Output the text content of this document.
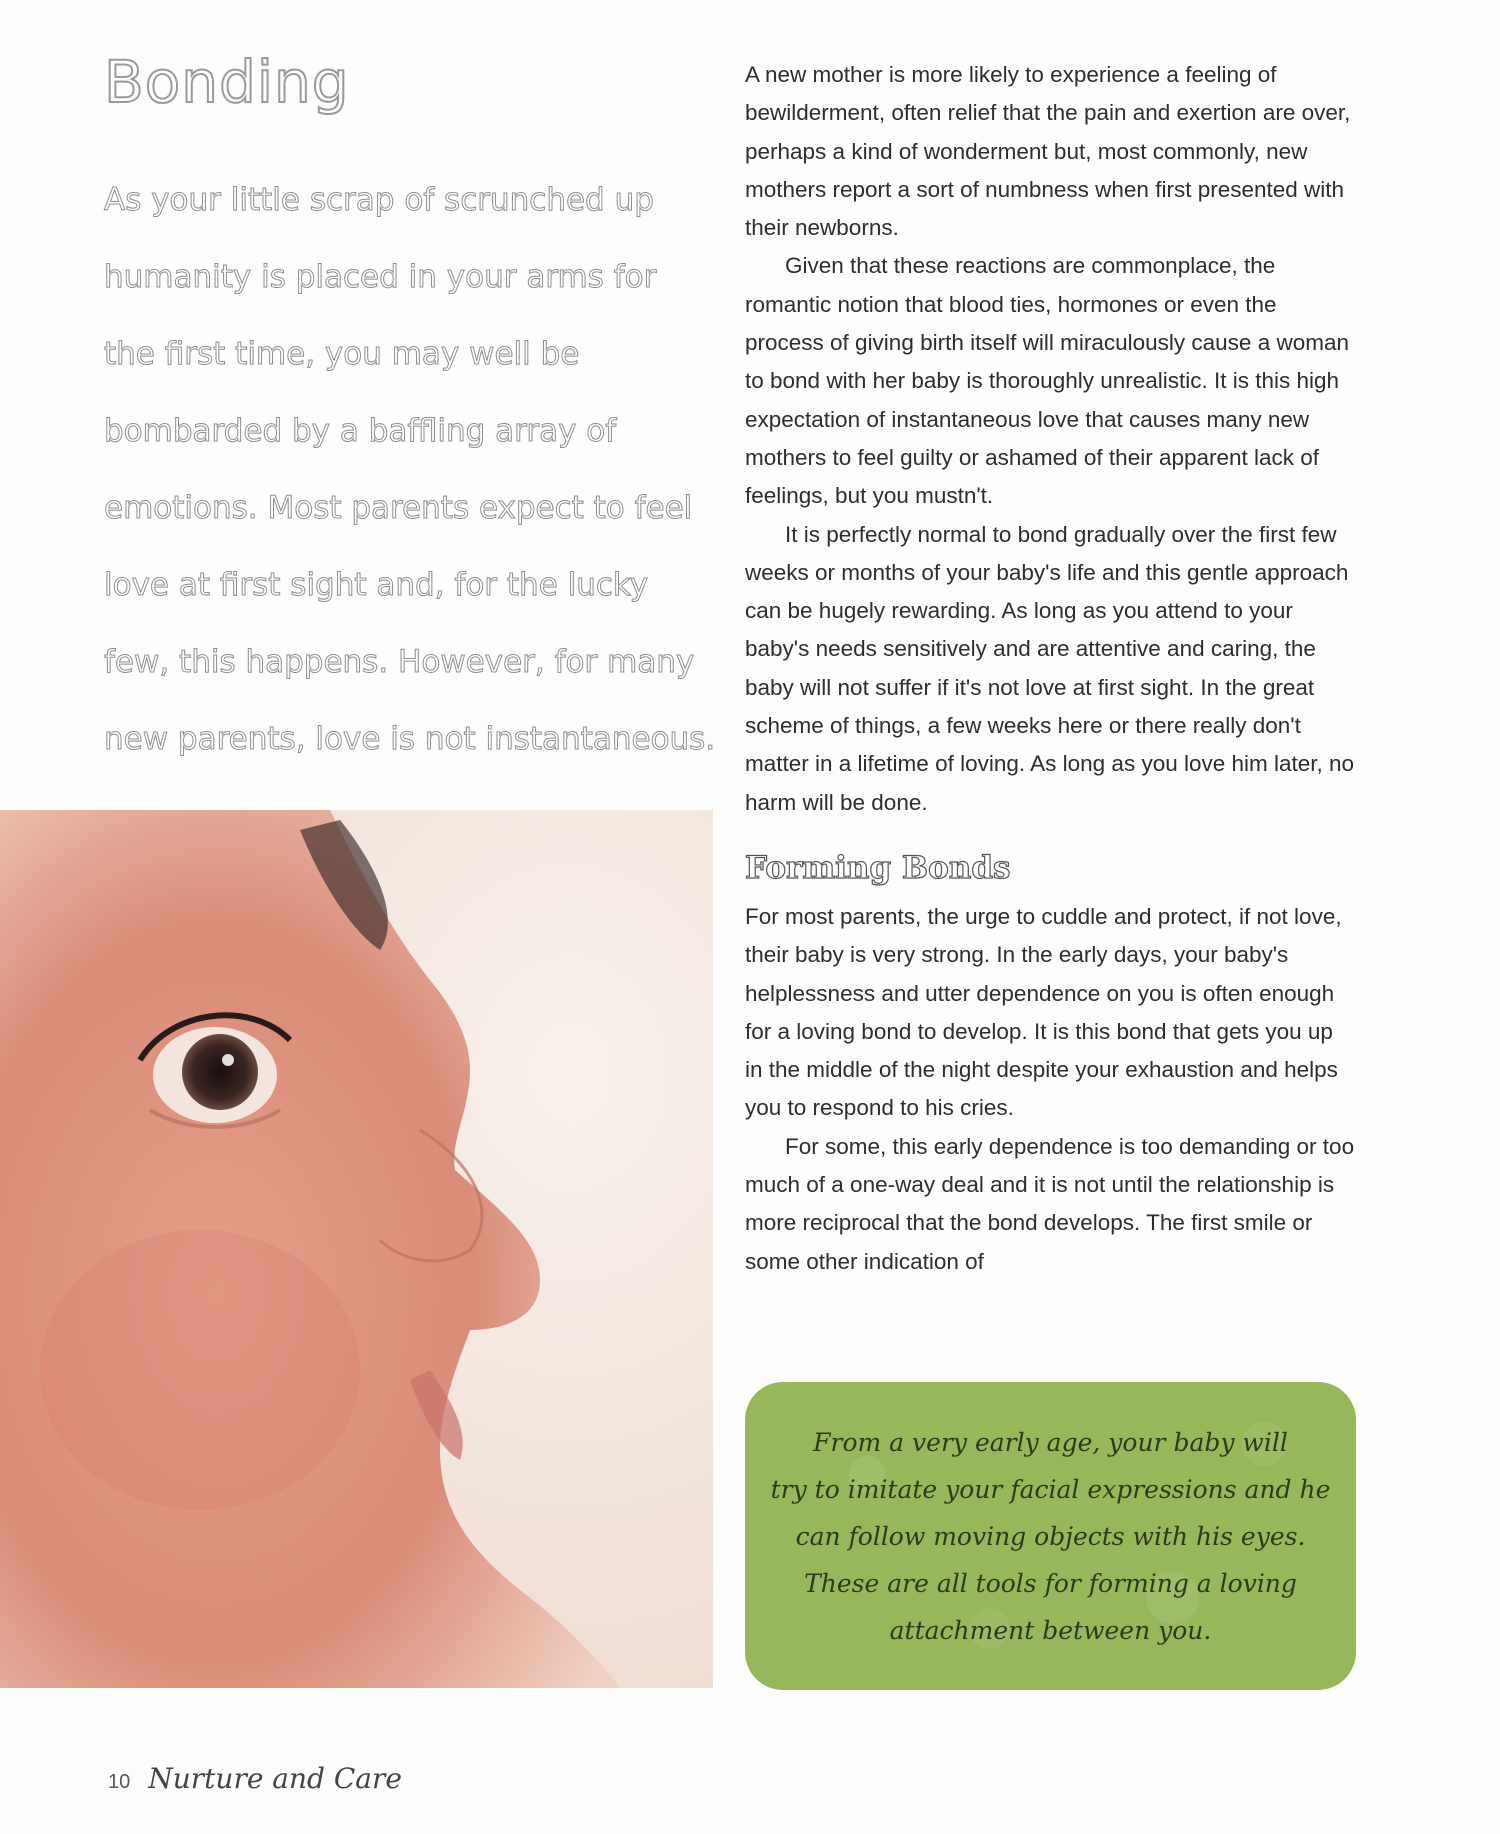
Bonding

As your little scrap of scrunched up
humanity is placed in your arms for
the first time, you may well be
bombarded by a baffling array of
emotions. Most parents expect to feel
love at first sight and, for the lucky
few, this happens. However, for many
new parents, love is not instantaneous.

A new mother is more likely to experience a feeling of bewilderment, often relief that the pain and exertion are over, perhaps a kind of wonderment but, most commonly, new mothers report a sort of numbness when first presented with their newborns.

Given that these reactions are commonplace, the romantic notion that blood ties, hormones or even the process of giving birth itself will miraculously cause a woman to bond with her baby is thoroughly unrealistic. It is this high expectation of instantaneous love that causes many new mothers to feel guilty or ashamed of their apparent lack of feelings, but you mustn't.

It is perfectly normal to bond gradually over the first few weeks or months of your baby's life and this gentle approach can be hugely rewarding. As long as you attend to your baby's needs sensitively and are attentive and caring, the baby will not suffer if it's not love at first sight. In the great scheme of things, a few weeks here or there really don't matter in a lifetime of loving. As long as you love him later, no harm will be done.

Forming Bonds

For most parents, the urge to cuddle and protect, if not love, their baby is very strong. In the early days, your baby's helplessness and utter dependence on you is often enough for a loving bond to develop. It is this bond that gets you up in the middle of the night despite your exhaustion and helps you to respond to his cries.

For some, this early dependence is too demanding or too much of a one-way deal and it is not until the relationship is more reciprocal that the bond develops. The first smile or some other indication of

From a very early age, your baby will
try to imitate your facial expressions and he
can follow moving objects with his eyes.
These are all tools for forming a loving
attachment between you.

10 Nurture and Care
